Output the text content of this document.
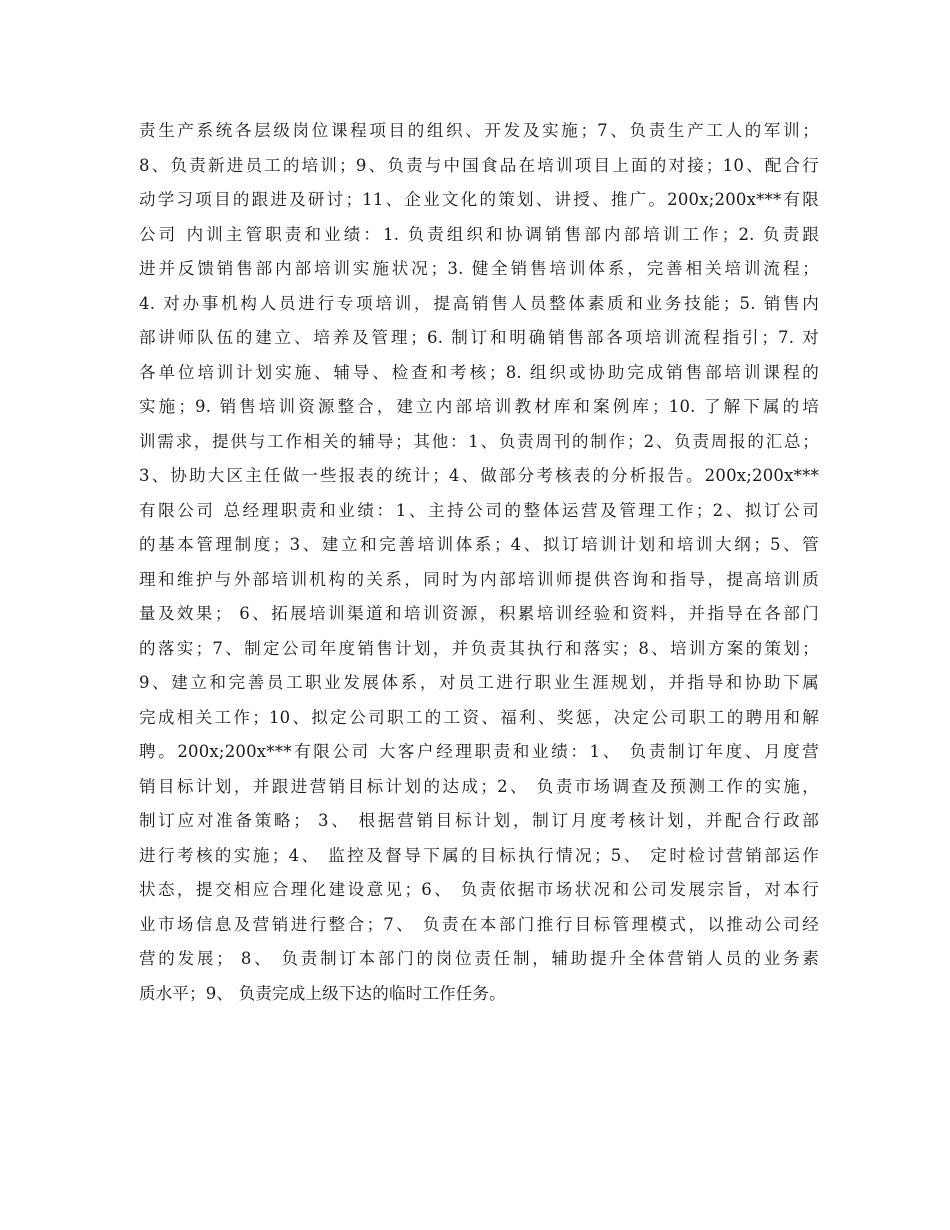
责生产系统各层级岗位课程项目的组织、开发及实施；7、负责生产工人的军训；
8、负责新进员工的培训；9、负责与中国食品在培训项目上面的对接；10、配合行
动学习项目的跟进及研讨；11、企业文化的策划、讲授、推广。200x;200x***有限
公司 内训主管职责和业绩：1. 负责组织和协调销售部内部培训工作；2. 负责跟
进并反馈销售部内部培训实施状况；3. 健全销售培训体系，完善相关培训流程；
4. 对办事机构人员进行专项培训，提高销售人员整体素质和业务技能；5. 销售内
部讲师队伍的建立、培养及管理；6. 制订和明确销售部各项培训流程指引；7. 对
各单位培训计划实施、辅导、检查和考核；8. 组织或协助完成销售部培训课程的
实施；9. 销售培训资源整合，建立内部培训教材库和案例库；10. 了解下属的培
训需求，提供与工作相关的辅导；其他：1、负责周刊的制作；2、负责周报的汇总；
3、协助大区主任做一些报表的统计；4、做部分考核表的分析报告。200x;200x***
有限公司 总经理职责和业绩：1、主持公司的整体运营及管理工作；2、拟订公司
的基本管理制度；3、建立和完善培训体系；4、拟订培训计划和培训大纲；5、管
理和维护与外部培训机构的关系，同时为内部培训师提供咨询和指导，提高培训质
量及效果； 6、拓展培训渠道和培训资源，积累培训经验和资料，并指导在各部门
的落实；7、制定公司年度销售计划，并负责其执行和落实；8、培训方案的策划；
9、建立和完善员工职业发展体系，对员工进行职业生涯规划，并指导和协助下属
完成相关工作；10、拟定公司职工的工资、福利、奖惩，决定公司职工的聘用和解
聘。200x;200x***有限公司 大客户经理职责和业绩：1、 负责制订年度、月度营
销目标计划，并跟进营销目标计划的达成；2、 负责市场调查及预测工作的实施，
制订应对准备策略； 3、 根据营销目标计划，制订月度考核计划，并配合行政部
进行考核的实施；4、 监控及督导下属的目标执行情况；5、 定时检讨营销部运作
状态，提交相应合理化建设意见；6、 负责依据市场状况和公司发展宗旨，对本行
业市场信息及营销进行整合；7、 负责在本部门推行目标管理模式，以推动公司经
营的发展； 8、 负责制订本部门的岗位责任制，辅助提升全体营销人员的业务素
质水平；9、 负责完成上级下达的临时工作任务。
